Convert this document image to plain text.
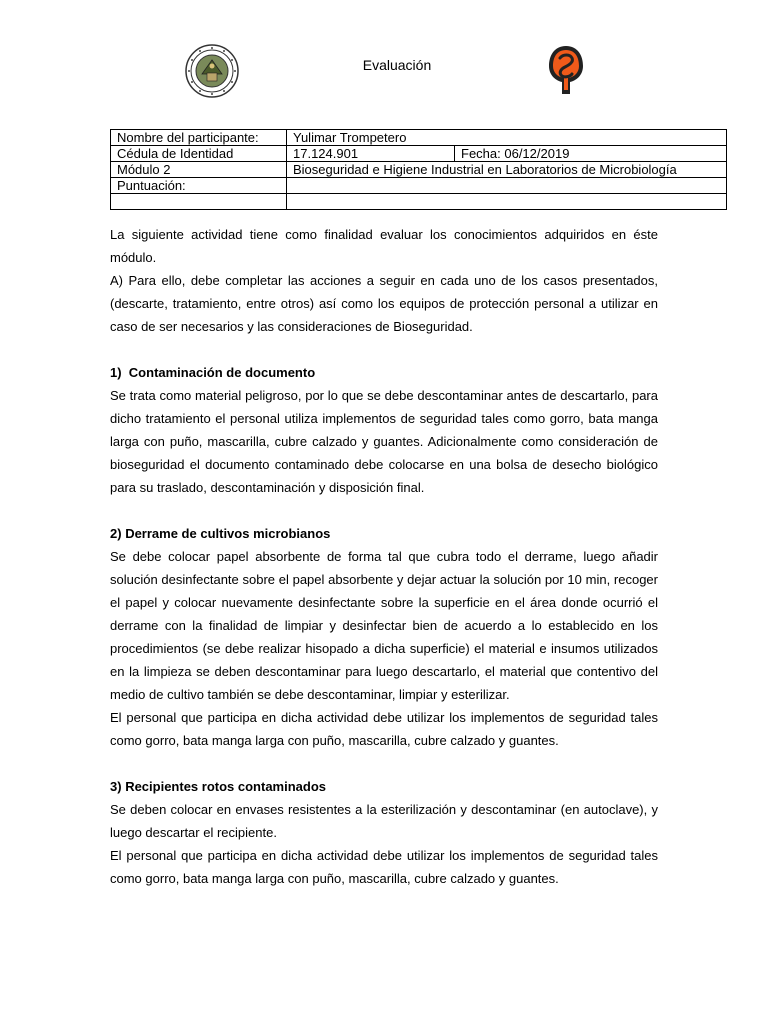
Evaluación
Nombre del participante:	Yulimar Trompetero	
Cédula de Identidad	17.124.901	Fecha: 06/12/2019
Módulo 2	Bioseguridad e Higiene Industrial en Laboratorios de Microbiología	
Puntuación:		

La siguiente actividad tiene como finalidad evaluar los conocimientos adquiridos en éste módulo.

A) Para ello, debe completar las acciones a seguir en cada uno de los casos presentados, (descarte, tratamiento, entre otros) así como los equipos de protección personal a utilizar en caso de ser necesarios y las consideraciones de Bioseguridad.

1) Contaminación de documento

Se trata como material peligroso, por lo que se debe descontaminar antes de descartarlo, para dicho tratamiento el personal utiliza implementos de seguridad tales como gorro, bata manga larga con puño, mascarilla, cubre calzado y guantes. Adicionalmente como consideración de bioseguridad el documento contaminado debe colocarse en una bolsa de desecho biológico para su traslado, descontaminación y disposición final.

2) Derrame de cultivos microbianos

Se debe colocar papel absorbente de forma tal que cubra todo el derrame, luego añadir solución desinfectante sobre el papel absorbente y dejar actuar la solución por 10 min, recoger el papel y colocar nuevamente desinfectante sobre la superficie en el área donde ocurrió el derrame con la finalidad de limpiar y desinfectar bien de acuerdo a lo establecido en los procedimientos (se debe realizar hisopado a dicha superficie) el material e insumos utilizados en la limpieza se deben descontaminar para luego descartarlo, el material que contentivo del medio de cultivo también se debe descontaminar, limpiar y esterilizar.

El personal que participa en dicha actividad debe utilizar los implementos de seguridad tales como gorro, bata manga larga con puño, mascarilla, cubre calzado y guantes.

3) Recipientes rotos contaminados

Se deben colocar en envases resistentes a la esterilización y descontaminar (en autoclave), y luego descartar el recipiente.

El personal que participa en dicha actividad debe utilizar los implementos de seguridad tales como gorro, bata manga larga con puño, mascarilla, cubre calzado y guantes.
